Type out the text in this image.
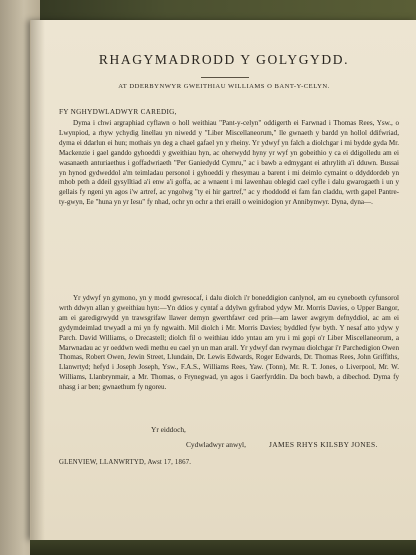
RHAGYMADRODD Y GOLYGYDD.
AT DDERBYNWYR GWEITHIAU WILLIAMS O BANT-Y-CELYN.
FY NGHYDWLADWYR CAREDIG,

Dyma i chwi argraphiad cyflawn o holl weithiau "Pant-y-celyn" oddigerth ei Farwnad i Thomas Rees, Ysw., o Lwynpiod, a rhyw ychydig linellau yn niwedd y "Liber Miscellaneorum," lle gwnaeth y bardd yn hollol ddifwriad, dyma ei ddarlun ei hun; mothais yn deg a chael gafael yn y rheiny. Yr ydwyf yn falch a diolchgar i mi bydde gyda Mr. Mackenzie i gael ganddo gyhoeddi y gweithiau hyn, ac oherwydd hyny yr wyf yn gobeithio y ca ei ddigolledu am ei wasanaeth anturiaethus i goffadwriaeth "Per Ganiedydd Cymru," ac i bawb a edmygant ei athrylith a'i dduwn. Bussai yn hynod gydweddol a'm teimladau personol i gyhoeddi y rhesymau a barent i mi deimlo cymaint o ddyddordeb yn mhob peth a ddeil gysylltiad a'i enw a'i goffa, ac a wnaent i mi lawenhau oblegid cael cyfle i dalu gwarogaeth i un y gellais fy ngeni yn agos i'w artref, ac yngolwg "ty ei hir gartref," ac y rhoddodd ei fam fan claddu, wrth gapel Pantre-ty-gwyn, Ee "huna yn yr Iesu" fy nhad, ochr yn ochr a thri eraill o weinidogion yr Annibynwyr. Dyna, dyna—.

Yr ydwyf yn gymono, yn y modd gwresocaf, i dalu diolch i'r boneddigion canlynol, am eu cyneboeth cyfunsorol wrth ddwyn allan y gweithiau hyn:—Yn ddios y cyntaf a ddylwn gyfrabod ydyw Mr. Morris Davies, o Upper Bangor, am ei garedigrwydd yn trawsgrifaw llawer demyn gwerthfawr ced prin—am lawer awgrym defnyddiol, ac am ei gydymdeimlad trwyadl a mi yn fy ngwaith. Mil diolch i Mr. Morris Davies; byddled fyw byth. Y nesaf atto ydyw y Parch. David Williams, o Drecastell; diolch fil o weithiau iddo yntau am yru i mi gopi o'r Liber Miscellaneorum, a Marwnadau ac yr oeddwn wedi methu eu cael yn un man arall. Yr ydwyf dan rwymau diolchgar i'r Parchedigion Owen Thomas, Robert Owen, Jewin Street, Llundain, Dr. Lewis Edwards, Roger Edwards, Dr. Thomas Rees, John Griffiths, Llanwrtyd; hefyd i Joseph Joseph, Ysw., F.A.S., Williams Rees, Yaw. (Tonn), Mr. R. T. Jones, o Liverpool, Mr. W. Williams, Llanbrynmair, a Mr. Thomas, o Frynegwad, yn agos i Gaerfyrddin. Da boch bawb, a dibechod. Dyma fy nhasg i ar ben; gwnaethum fy ngoreu.

Yr eiddoch,
Cydwladwyr anwyl,	JAMES RHYS KILSBY JONES.
GLENVIEW, LLANWRTYD, Awst 17, 1867.
